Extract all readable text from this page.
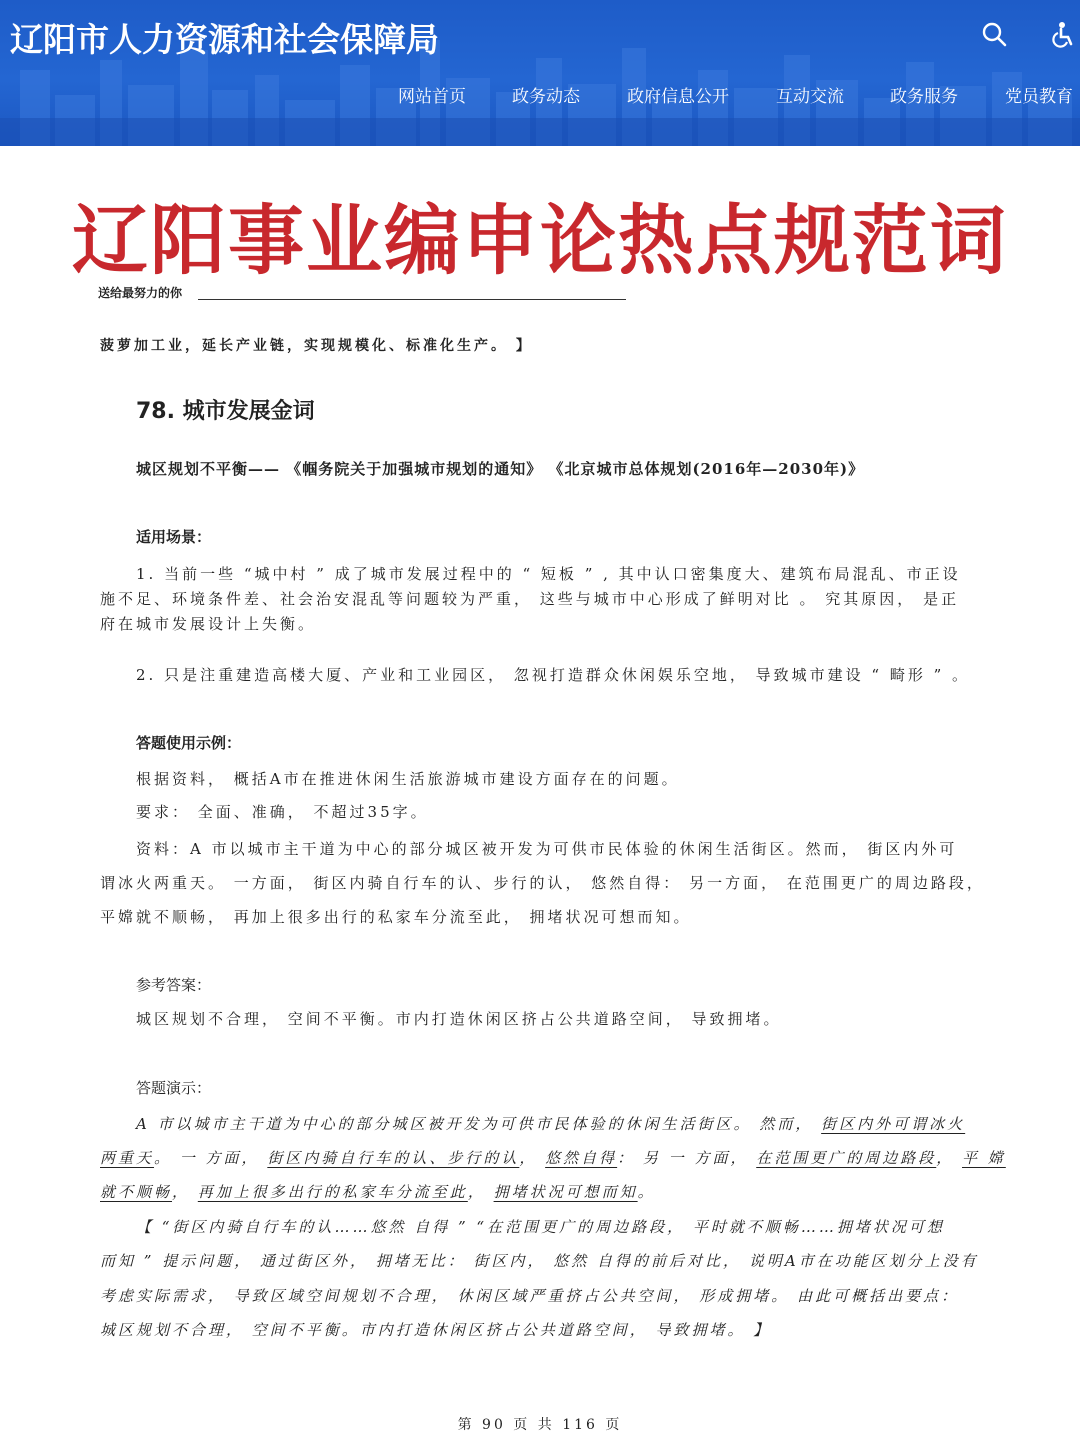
辽阳市人力资源和社会保障局
网站首页	政务动态	政府信息公开	互动交流	政务服务	党员教育
辽阳事业编申论热点规范词
送给最努力的你
菠萝加工业，延长产业链，实现规模化、标准化生产。 】
78. 城市发展金词
城区规划不平衡—— 《帼务院关于加强城市规划的通知》 《北京城市总体规划(2016年—2030年)》
适用场景：
1. 当前一些 “城中村 ” 成了城市发展过程中的 “ 短板 ” , 其中认口密集度大、建筑布局混乱、市正设
施不足、环境条件差、社会治安混乱等问题较为严重， 这些与城市中心形成了鲜明对比 。 究其原因， 是正
府在城市发展设计上失衡。
2. 只是注重建造高楼大厦、产业和工业园区， 忽视打造群众休闲娱乐空地， 导致城市建设 “ 畸形 ” 。
答题使用示例：
根据资料， 概括A市在推进休闲生活旅游城市建设方面存在的问题。
要求： 全面、准确， 不超过35字。
资料：A 市以城市主干道为中心的部分城区被开发为可供市民体验的休闲生活街区。然而， 街区内外可
谓冰火两重天。 一方面， 街区内骑自行车的认、步行的认， 悠然自得： 另一方面， 在范围更广的周边路段，
平嫦就不顺畅， 再加上很多出行的私家车分流至此， 拥堵状况可想而知。
参考答案：
城区规划不合理， 空间不平衡。市内打造休闲区挤占公共道路空间， 导致拥堵。
答题演示：
A 市以城市主干道为中心的部分城区被开发为可供市民体验的休闲生活街区。 然而， 街区内外可谓冰火
两重天。 一 方面， 街区内骑自行车的认、步行的认， 悠然自得： 另 一 方面， 在范围更广的周边路段， 平 嫦
就不顺畅， 再加上很多出行的私家车分流至此， 拥堵状况可想而知。
【 “街区内骑自行车的认……悠然 自得 ” “在范围更广的周边路段， 平时就不顺畅……拥堵状况可想
而知 ” 提示问题， 通过街区外， 拥堵无比： 街区内， 悠然 自得的前后对比， 说明A市在功能区划分上没有
考虑实际需求， 导致区域空间规划不合理， 休闲区域严重挤占公共空间， 形成拥堵。 由此可概括出要点：
城区规划不合理， 空间不平衡。市内打造休闲区挤占公共道路空间， 导致拥堵。 】
第 90 页 共 116 页
